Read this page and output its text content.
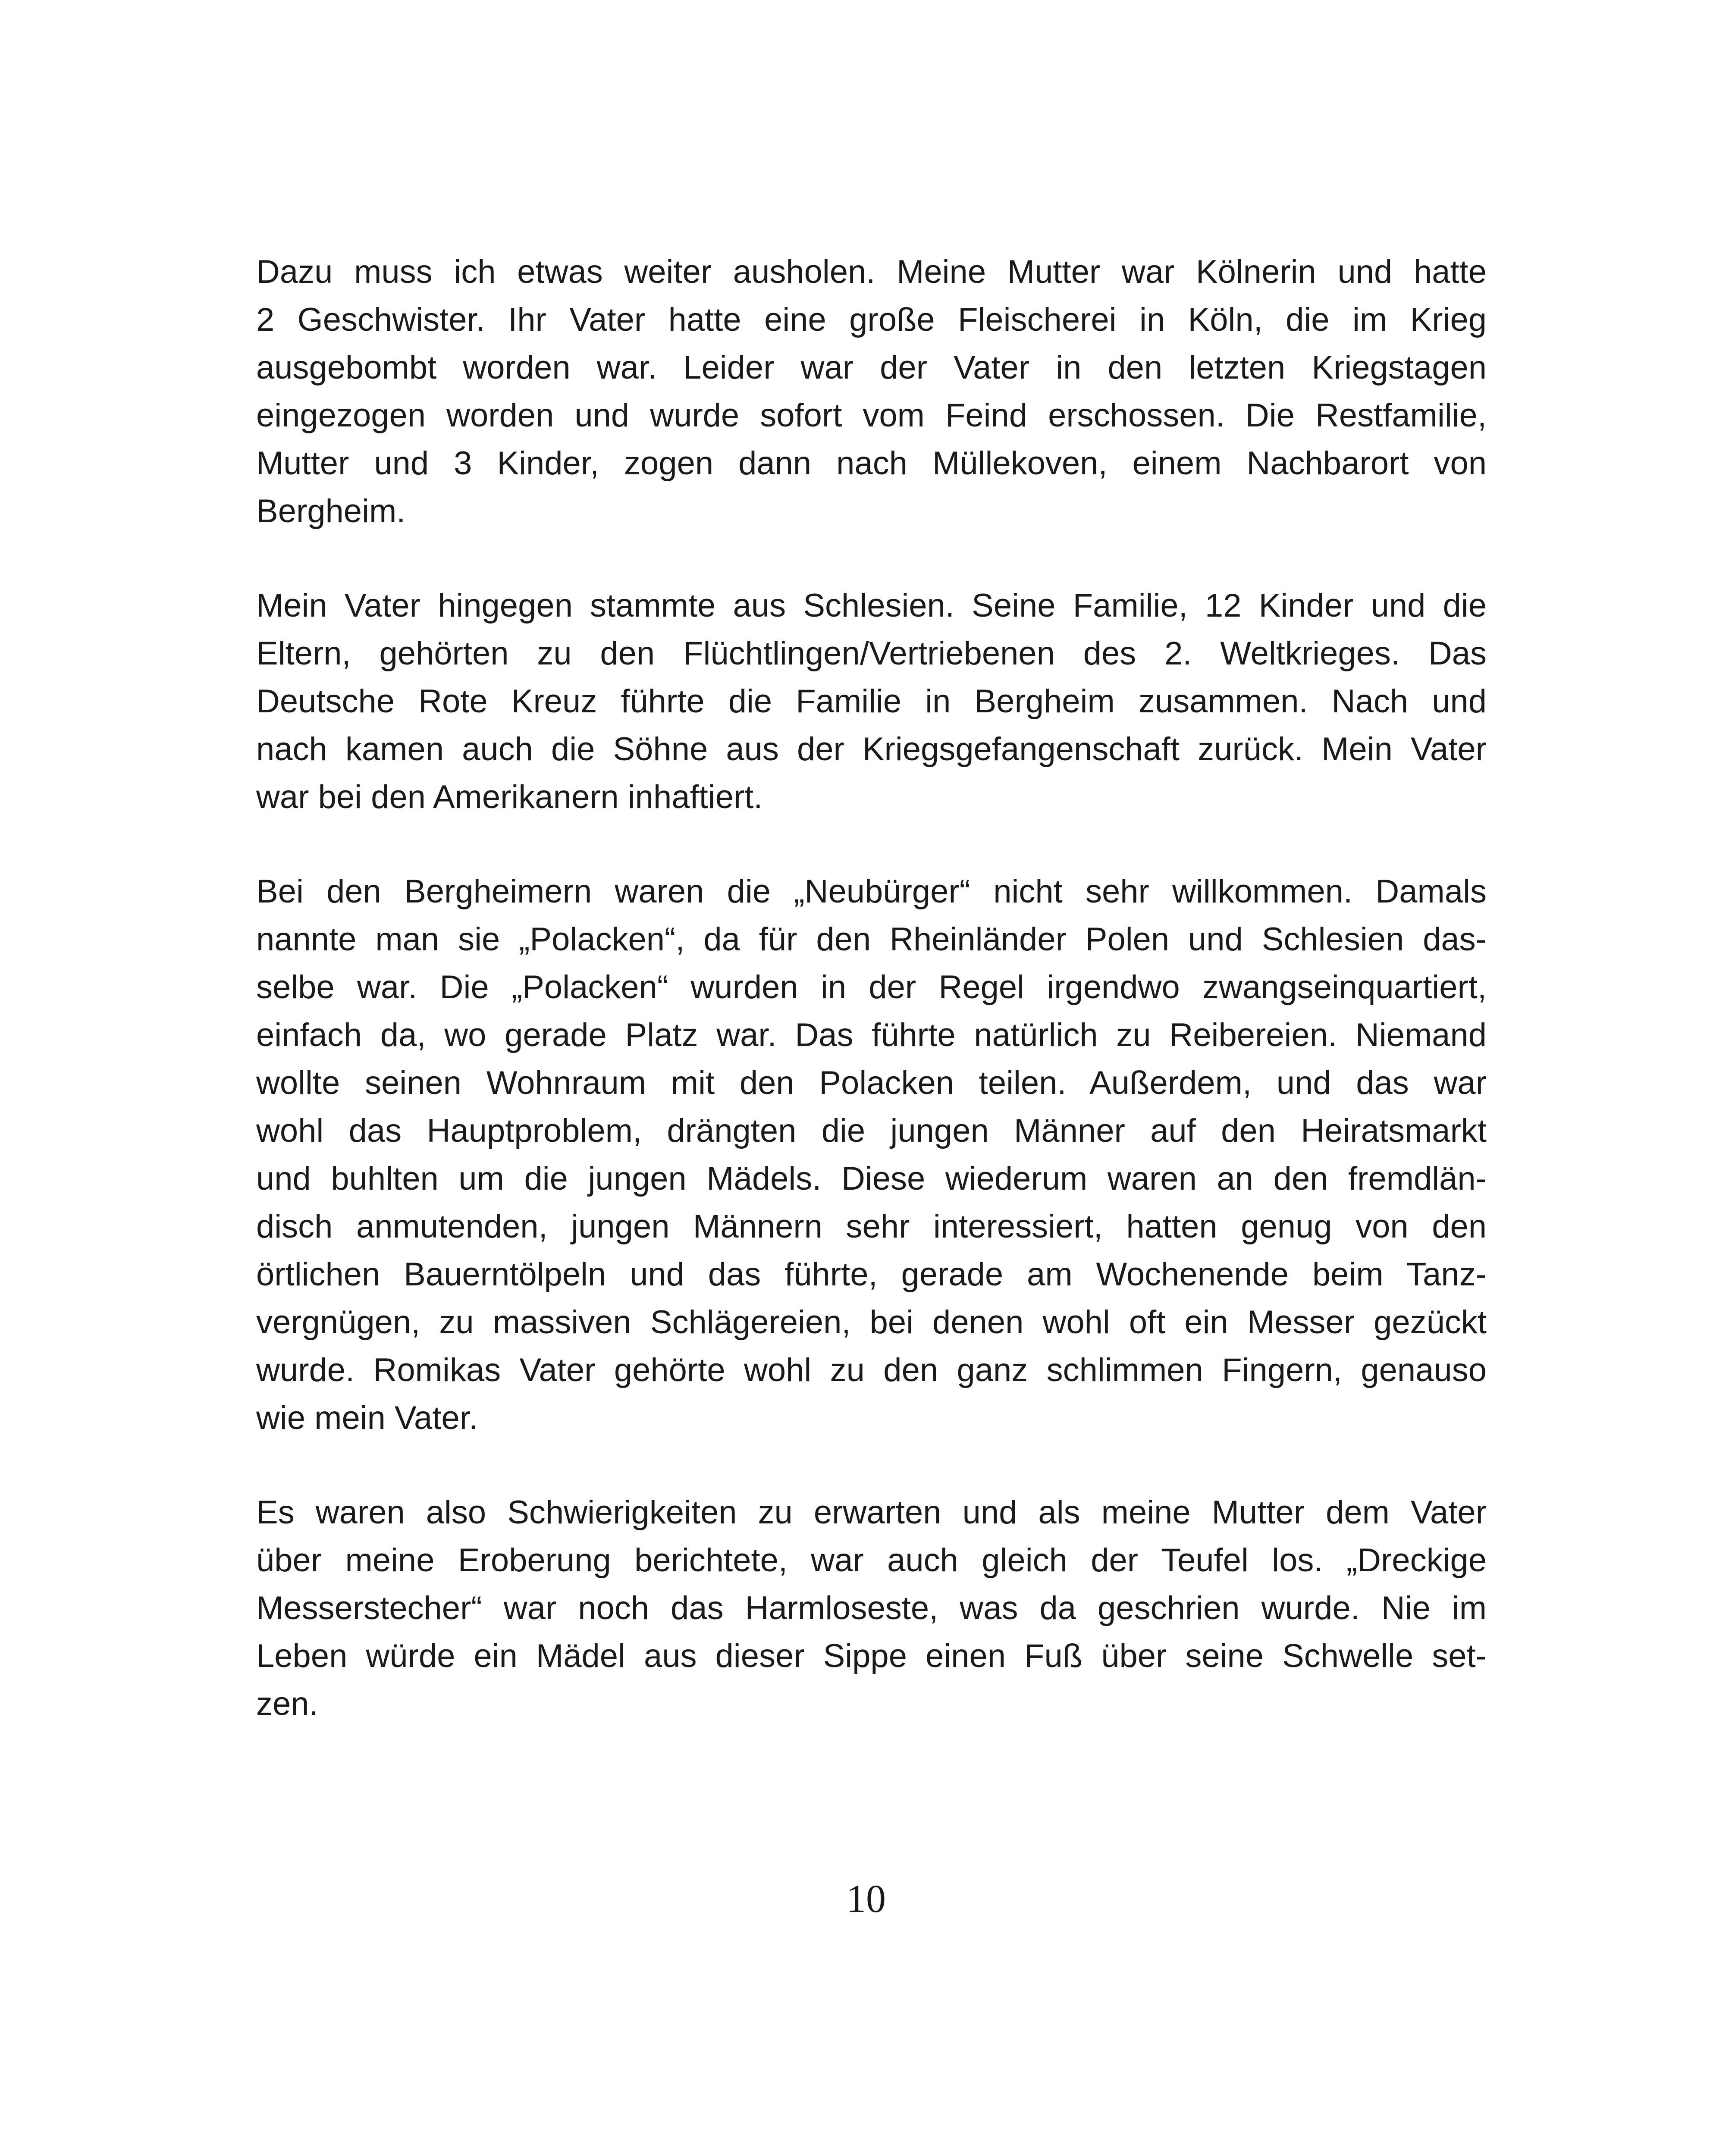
Dazu muss ich etwas weiter ausholen. Meine Mutter war Kölnerin und hatte
2 Geschwister. Ihr Vater hatte eine große Fleischerei in Köln, die im Krieg
ausgebombt worden war. Leider war der Vater in den letzten Kriegstagen
eingezogen worden und wurde sofort vom Feind erschossen. Die Restfamilie,
Mutter und 3 Kinder, zogen dann nach Müllekoven, einem Nachbarort von
Bergheim.
Mein Vater hingegen stammte aus Schlesien. Seine Familie, 12 Kinder und die
Eltern, gehörten zu den Flüchtlingen/Vertriebenen des 2. Weltkrieges. Das
Deutsche Rote Kreuz führte die Familie in Bergheim zusammen. Nach und
nach kamen auch die Söhne aus der Kriegsgefangenschaft zurück. Mein Vater
war bei den Amerikanern inhaftiert.
Bei den Bergheimern waren die „Neubürger“ nicht sehr willkommen. Damals
nannte man sie „Polacken“, da für den Rheinländer Polen und Schlesien das-
selbe war. Die „Polacken“ wurden in der Regel irgendwo zwangseinquartiert,
einfach da, wo gerade Platz war. Das führte natürlich zu Reibereien. Niemand
wollte seinen Wohnraum mit den Polacken teilen. Außerdem, und das war
wohl das Hauptproblem, drängten die jungen Männer auf den Heiratsmarkt
und buhlten um die jungen Mädels. Diese wiederum waren an den fremdlän-
disch anmutenden, jungen Männern sehr interessiert, hatten genug von den
örtlichen Bauerntölpeln und das führte, gerade am Wochenende beim Tanz-
vergnügen, zu massiven Schlägereien, bei denen wohl oft ein Messer gezückt
wurde. Romikas Vater gehörte wohl zu den ganz schlimmen Fingern, genauso
wie mein Vater.
Es waren also Schwierigkeiten zu erwarten und als meine Mutter dem Vater
über meine Eroberung berichtete, war auch gleich der Teufel los. „Dreckige
Messerstecher“ war noch das Harmloseste, was da geschrien wurde. Nie im
Leben würde ein Mädel aus dieser Sippe einen Fuß über seine Schwelle set-
zen.
10
